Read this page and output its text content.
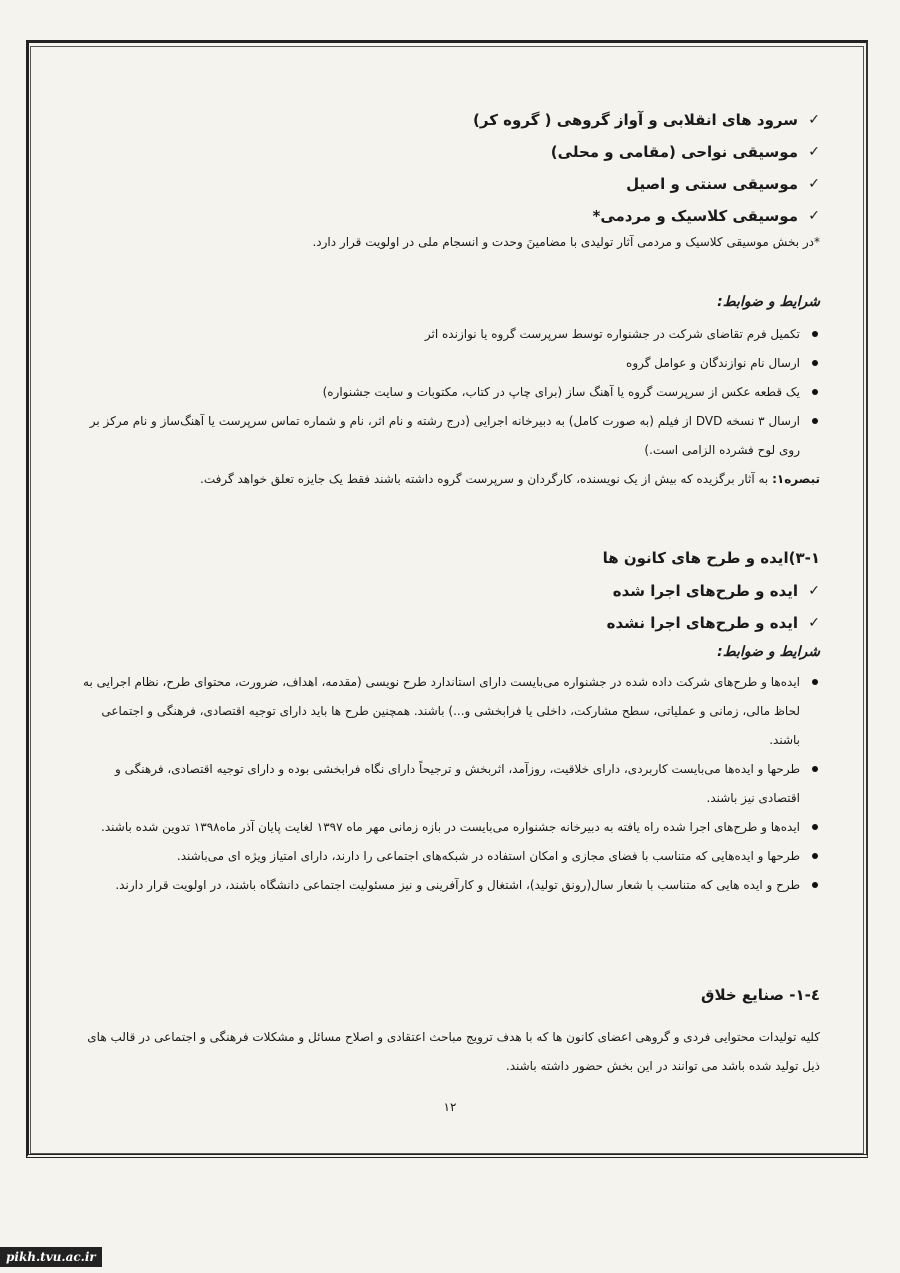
✓
سرود های انقلابی و آواز گروهی ( گروه کر)
✓
موسیقی نواحی (مقامی و محلی)
✓
موسیقی سنتی و اصیل
✓
موسیقی کلاسیک و مردمی*

*در بخش موسیقی کلاسیک و مردمی آثار تولیدی با مضامینَ وحدت و انسجام ملی در اولویت قرار دارد.

شرایط و ضوابط:

تکمیل فرم تقاضای شرکت در جشنواره توسط سرپرست گروه یا نوازنده اثر
ارسال نام نوازندگان و عوامل گروه
یک قطعه عکس از سرپرست گروه یا آهنگ ساز (برای چاپ در کتاب، مکتوبات و سایت جشنواره)
ارسال ۳ نسخه DVD از فیلم (به صورت کامل) به دبیرخانه اجرایی (درج رشته و نام اثر، نام و شماره تماس سرپرست یا آهنگ‌ساز و نام مرکز بر روی لوح فشرده الزامی است.)

تبصره۱: به آثار برگزیده که بیش از یک نویسنده، کارگردان و سرپرست گروه داشته باشند فقط یک جایزه تعلق خواهد گرفت.

۳-۱)ایده و طرح های کانون ها

✓
ایده و طرح‌های اجرا شده
✓
ایده و طرح‌های اجرا نشده

شرایط و ضوابط:

ایده‌ها و طرح‌های شرکت داده شده در جشنواره می‌بایست دارای استاندارد طرح نویسی (مقدمه، اهداف، ضرورت، محتوای طرح، نظام اجرایی به لحاظ مالی، زمانی و عملیاتی، سطح مشارکت، داخلی یا فرابخشی و...) باشند. همچنین طرح ها باید دارای توجیه اقتصادی، فرهنگی و اجتماعی باشند.
طرحها و ایده‌ها می‌بایست کاربردی، دارای خلاقیت، روزآمد، اثربخش و ترجیحاً دارای نگاه فرابخشی بوده و دارای توجیه اقتصادی، فرهنگی و اقتصادی نیز باشند.
ایده‌ها و طرح‌های اجرا شده راه یافته به دبیرخانه جشنواره می‌بایست در بازه زمانی مهر ماه ۱۳۹۷ لغایت پایان آذر ماه۱۳۹۸ تدوین شده باشند.
طرحها و ایده‌هایی که متناسب با فضای مجازی و امکان استفاده در شبکه‌های اجتماعی را دارند، دارای امتیاز ویژه ای می‌باشند.
طرح و ایده هایی که متناسب با شعار سال(رونق تولید)، اشتغال و کارآفرینی و نیز مسئولیت اجتماعی دانشگاه باشند، در اولویت قرار دارند.

٤-۱- صنایع خلاق

کلیه تولیدات محتوایی فردی و گروهی اعضای کانون ها که با هدف ترویج مباحث اعتقادی و اصلاح مسائل و مشکلات فرهنگی و اجتماعی در قالب های ذیل تولید شده باشد می توانند در این بخش حضور داشته باشند.

۱۲
pikh.tvu.ac.ir
